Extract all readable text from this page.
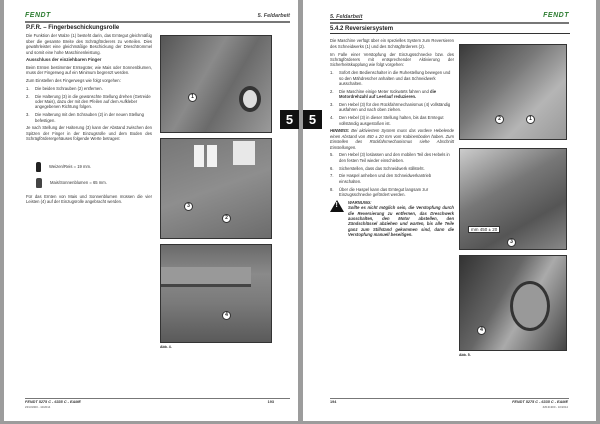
FENDT	5. Feldarbeit
P.F.R. – Fingerbeschickungsrolle

Die Funktion der Walze (1) besteht darin, das Erntegut gleichmäßig über die gesamte Breite des Schrägförderers zu verteilen. Dies gewährleistet eine gleichmäßige Beschickung der Dreschtrommel und somit eine hohe Maschinenleistung.

Ausschluss der einziehbaren Finger

Beim Ernten bestimmter Erntegüter, wie Mais oder Sonnenblumen, muss der Fingerweg auf ein Minimum begrenzt werden.

Zum Einstellen des Fingerwegs wie folgt vorgehen:

1.	Die beiden Schrauben (2) entfernen.
2.	Die Halterung (3) in die gewünschte Stellung drehen (Getreide oder Mais), dazu der mit den Pfeilen auf dem Aufkleber angegebenen Richtung folgen.
3.	Die Halterung mit den Schrauben (2) in der neuen Stellung befestigen.

Je nach Stellung der Halterung (3) kann der Abstand zwischen den Spitzen der Finger in der Einzugsrolle und dem Boden des Schrägförderergehäuses folgende Werte betragen:

Weizen/Reis = 19 mm.
Mais/Sonnenblumen = 65 mm.

Für das Ernten von Mais und Sonnenblumen müssen die vier Leisten (4) auf der Einzugsrolle angebracht werden.

1
3
2
4
Abb. 4.
FENDT 5275 C - 6335 C - EAME
ZZ131900 - 10/2014
193
5
5. Feldarbeit	FENDT
5.4.2 Reversiersystem

Die Maschine verfügt über ein spezielles System zum Reversieren des Schneidwerks (1) und des Schrägförderers (2).

Im Falle einer Verstopfung der Einzugsschnecke bzw. des Schrägförderers mit entsprechender Aktivierung der Sicherheitskupplung wie folgt vorgehen:

1.	Sofort den Bedienschalter in die Ruhestellung bewegen und so den Mähdrescher anhalten und das Schneidwerk ausschalten.
2.	Die Maschine einige Meter rückwärts fahren und die Motordrehzahl auf Leerlauf reduzieren.
3.	Den Hebel (3) für den Rückfahrmechanismus (4) vollständig ausfahren und nach oben ziehen.
4.	Den Hebel (3) in dieser Stellung halten, bis das Erntegut vollständig ausgestoßen ist.

HINWEIS: Bei aktiviertem System muss das vordere Hebelende einen Abstand von 450 ± 20 mm vom Kabinenboden haben. Zum Einstellen des Rückfahrmechanismus siehe Abschnitt Einstellungen.

5.	Den Hebel (3) loslassen und den mobilen Teil des Hebels in den festen Teil wieder einschieben.
6.	Sicherstellen, dass das Schneidwerk stillsteht.
7.	Die Haspel anheben und den Schneidwerkantrieb einschalten.
8.	Über die Haspel kann das Erntegut langsam zur Einzugsschnecke gefördert werden.
! WARNUNG:
Sollte es nicht möglich sein, die Verstopfung durch die Reversierung zu entfernen, das Dreschwerk ausschalten, den Motor abstellen, den Zündschlüssel abziehen und warten, bis alle Teile ganz zum Stillstand gekommen sind, dann die Verstopfung manuell beseitigen.
2	1
mm 450 ± 20
3
4
Abb. 5.
194	FENDT 5275 C - 6335 C - EAME
ZZ131900 - 10/2014
5
